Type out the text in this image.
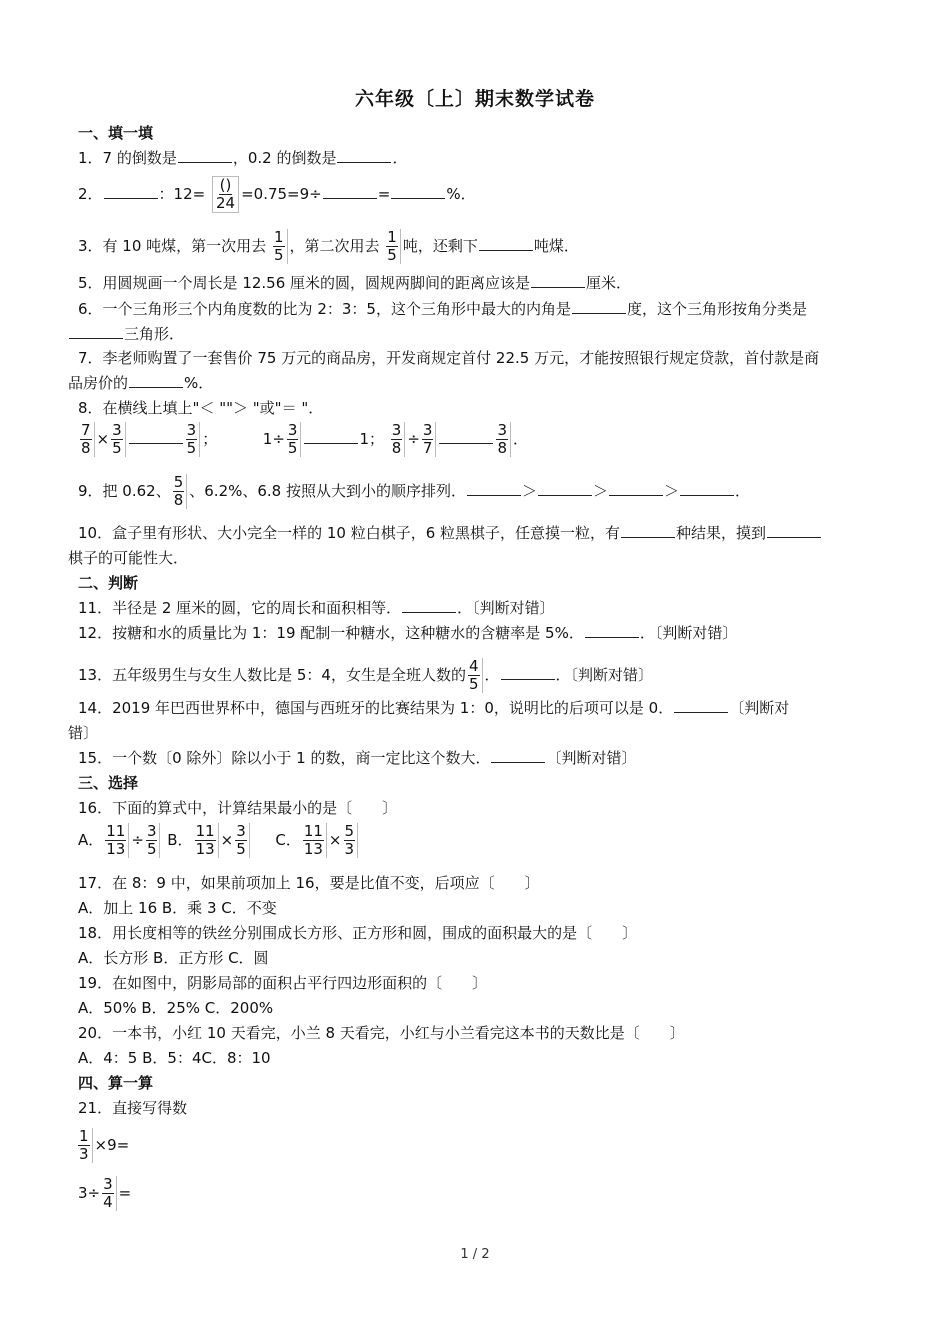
六年级〔上〕期末数学试卷
一、填一填
1．7 的倒数是	，0.2 的倒数是	．
2．	：$12= \frac{()}{24} =0.75=9\div$	=	%．
3．有 10 吨煤，第一次用去 $\frac{1}{5}$ ，第二次用去 $\frac{1}{5}$ 吨，还剩下	吨煤．
5．用圆规画一个周长是 12.56 厘米的圆，圆规两脚间的距离应该是	厘米．
6．一个三角形三个内角度数的比为 2：3：5，这个三角形中最大的内角是	度，这个三角形按角分类是
三角形．
7．李老师购置了一套售价 75 万元的商品房，开发商规定首付 22.5 万元，才能按照银行规定贷款，首付款是商
品房价的	%．
8．在横线上填上"＜ ""＞ "或"＝ "．
$\frac{7}{8} \times \frac{3}{5}$	$\frac{3}{5}$ ；	$1\div \frac{3}{5}$	1； $\frac{3}{8} \div \frac{3}{7}$	$\frac{3}{8}$ ．
9．把 0.62、 $\frac{5}{8}$ 、6.2%、6.8 按照从大到小的顺序排列．	＞	＞	＞	．
10．盒子里有形状、大小完全一样的 10 粒白棋子，6 粒黑棋子，任意摸一粒，有	种结果，摸到
棋子的可能性大．
二、判断
11．半径是 2 厘米的圆，它的周长和面积相等．	．〔判断对错〕
12．按糖和水的质量比为 1：19 配制一种糖水，这种糖水的含糖率是 5%．	．〔判断对错〕
13．五年级男生与女生人数比是 5：4，女生是全班人数的 $\frac{4}{5}$ ．	．〔判断对错〕
14．2019 年巴西世界杯中，德国与西班牙的比赛结果为 1：0，说明比的后项可以是 0．	〔判断对
错〕
15．一个数〔0 除外〕除以小于 1 的数，商一定比这个数大．	〔判断对错〕
三、选择
16．下面的算式中，计算结果最小的是〔　　〕
A． $\frac{11}{13} \div \frac{3}{5}$ B． $\frac{11}{13} \times \frac{3}{5}$ C． $\frac{11}{13} \times \frac{5}{3}$
17．在 8：9 中，如果前项加上 16，要是比值不变，后项应〔　　〕
A．加上 16 B．乘 3 C．不变
18．用长度相等的铁丝分别围成长方形、正方形和圆，围成的面积最大的是〔　　〕
A．长方形 B．正方形 C．圆
19．在如图中，阴影局部的面积占平行四边形面积的〔　　〕
A．50% B．25% C．200%
20．一本书，小红 10 天看完，小兰 8 天看完，小红与小兰看完这本书的天数比是〔　　〕
A．4：5 B．5：4C．8：10
四、算一算
21．直接写得数
$\frac{1}{3} \times 9=$
$3\div \frac{3}{4}$ =
1 / 2
